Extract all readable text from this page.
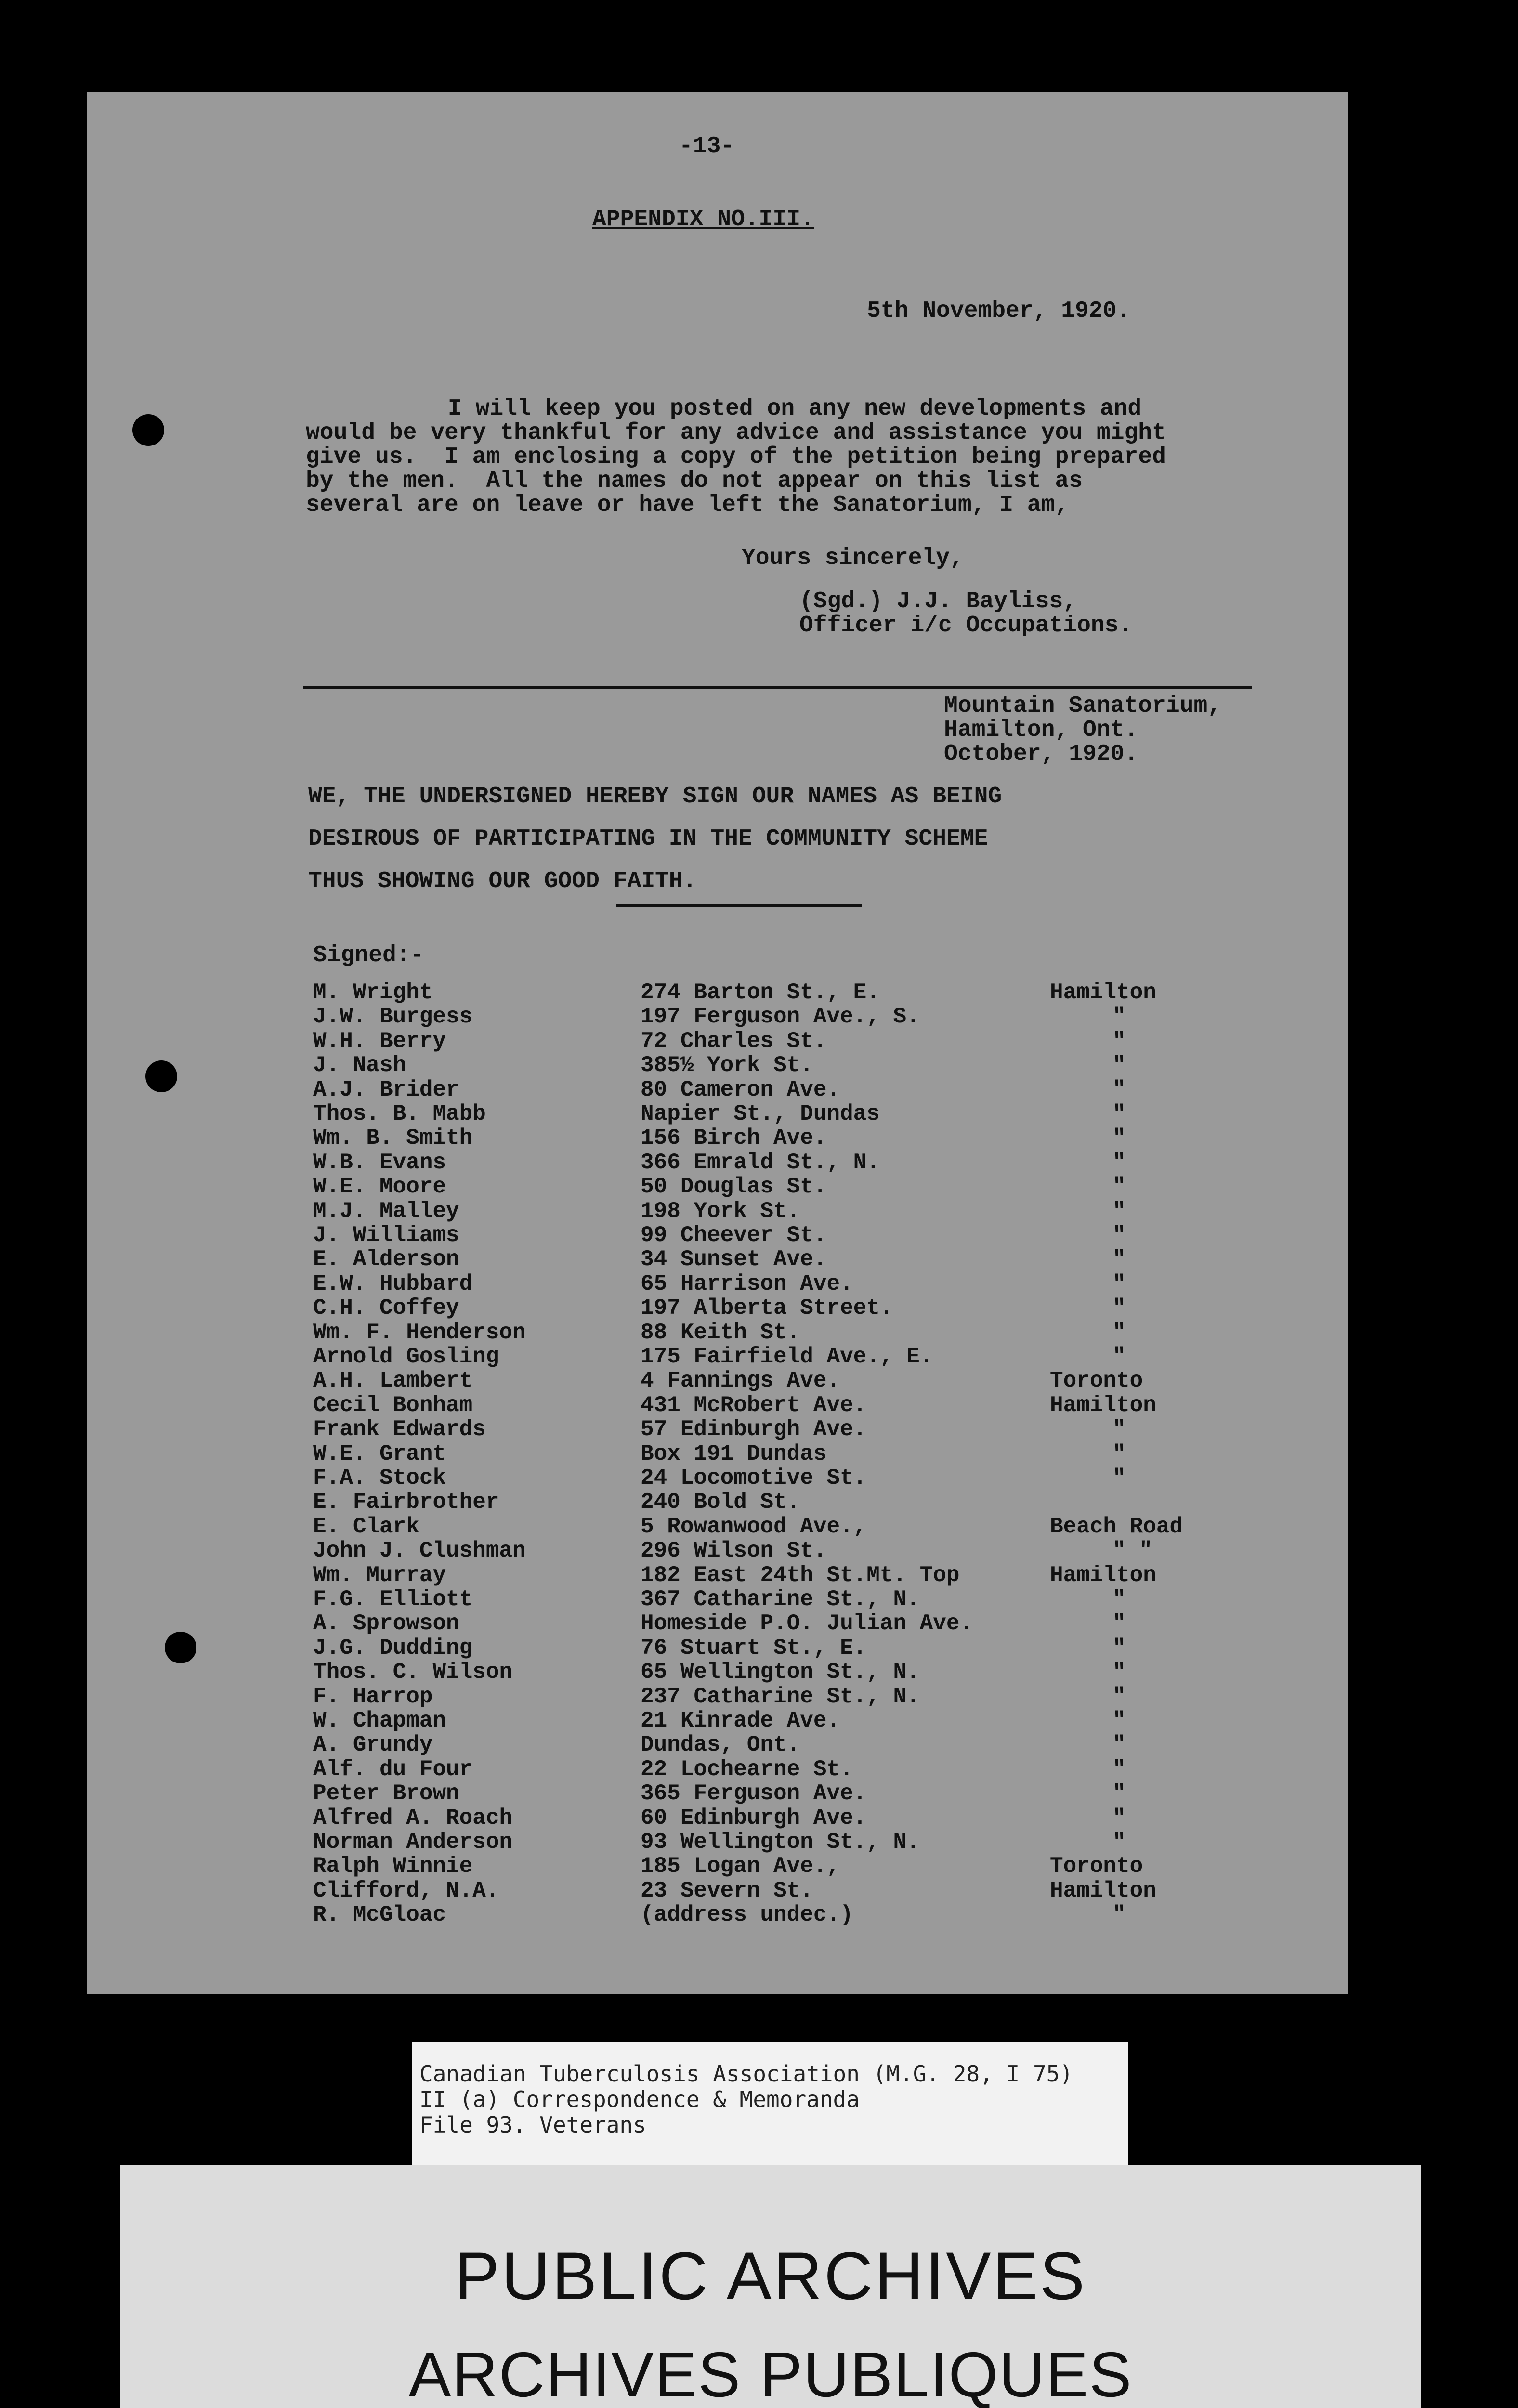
-13-
APPENDIX NO.III.
5th November, 1920.
I will keep you posted on any new developments and
would be very thankful for any advice and assistance you might
give us.  I am enclosing a copy of the petition being prepared
by the men.  All the names do not appear on this list as
several are on leave or have left the Sanatorium, I am,
Yours sincerely,
(Sgd.) J.J. Bayliss,
Officer i/c Occupations.
Mountain Sanatorium,
Hamilton, Ont.
October, 1920.
WE, THE UNDERSIGNED HEREBY SIGN OUR NAMES AS BEING
DESIROUS OF PARTICIPATING IN THE COMMUNITY SCHEME
THUS SHOWING OUR GOOD FAITH.
Signed:-
M. Wright	274 Barton St., E.	Hamilton
J.W. Burgess	197 Ferguson Ave., S.	"
W.H. Berry	72 Charles St.	"
J. Nash	385½ York St.	"
A.J. Brider	80 Cameron Ave.	"
Thos. B. Mabb	Napier St., Dundas	"
Wm. B. Smith	156 Birch Ave.	"
W.B. Evans	366 Emrald St., N.	"
W.E. Moore	50 Douglas St.	"
M.J. Malley	198 York St.	"
J. Williams	99 Cheever St.	"
E. Alderson	34 Sunset Ave.	"
E.W. Hubbard	65 Harrison Ave.	"
C.H. Coffey	197 Alberta Street.	"
Wm. F. Henderson	88 Keith St.	"
Arnold Gosling	175 Fairfield Ave., E.	"
A.H. Lambert	4 Fannings Ave.	Toronto
Cecil Bonham	431 McRobert Ave.	Hamilton
Frank Edwards	57 Edinburgh Ave.	"
W.E. Grant	Box 191 Dundas	"
F.A. Stock	24 Locomotive St.	"
E. Fairbrother	240 Bold St.
E. Clark	5 Rowanwood Ave.,	Beach Road
John J. Clushman	296 Wilson St.	" "
Wm. Murray	182 East 24th St.Mt. Top	Hamilton
F.G. Elliott	367 Catharine St., N.	"
A. Sprowson	Homeside P.O. Julian Ave.	"
J.G. Dudding	76 Stuart St., E.	"
Thos. C. Wilson	65 Wellington St., N.	"
F. Harrop	237 Catharine St., N.	"
W. Chapman	21 Kinrade Ave.	"
A. Grundy	Dundas, Ont.	"
Alf. du Four	22 Lochearne St.	"
Peter Brown	365 Ferguson Ave.	"
Alfred A. Roach	60 Edinburgh Ave.	"
Norman Anderson	93 Wellington St., N.	"
Ralph Winnie	185 Logan Ave.,	Toronto
Clifford, N.A.	23 Severn St.	Hamilton
R. McGloac	(address undec.)	"
Canadian Tuberculosis Association (M.G. 28, I 75)
II (a) Correspondence & Memoranda
File 93. Veterans
PUBLIC ARCHIVES
ARCHIVES PUBLIQUES
